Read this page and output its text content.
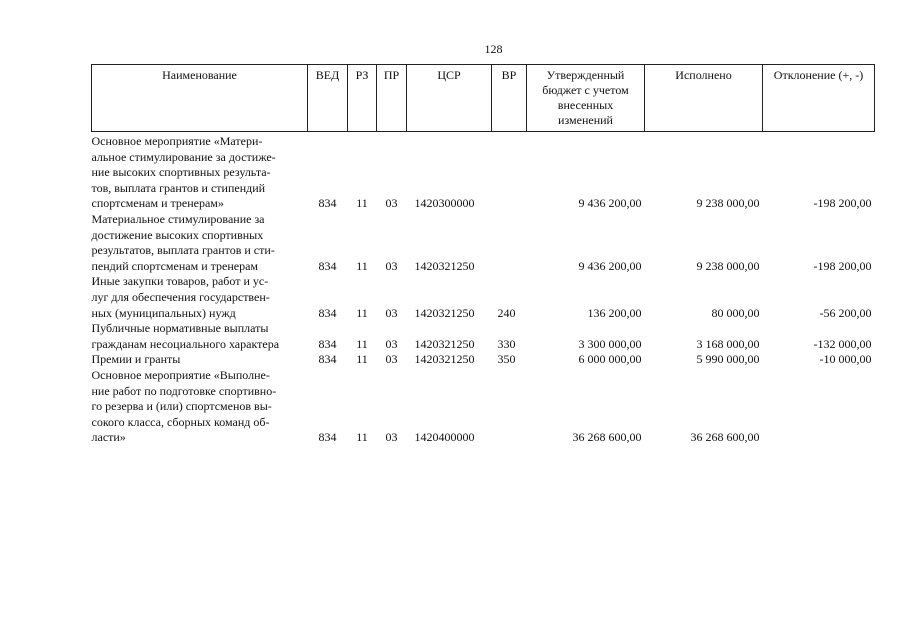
128
Наименование	ВЕД	РЗ	ПР	ЦСР	ВР	Утвержденный бюджет с учетом внесенных изменений	Исполнено	Отклонение (+, -)

Основное мероприятие «Матери-
альное стимулирование за достиже-
ние высоких спортивных результа-
тов, выплата грантов и стипендий
спортсменам и тренерам»	834	11	03	1420300000		9 436 200,00	9 238 000,00	-198 200,00

Материальное стимулирование за
достижение высоких спортивных
результатов, выплата грантов и сти-
пендий спортсменам и тренерам	834	11	03	1420321250		9 436 200,00	9 238 000,00	-198 200,00

Иные закупки товаров, работ и ус-
луг для обеспечения государствен-
ных (муниципальных) нужд	834	11	03	1420321250	240	136 200,00	80 000,00	-56 200,00

Публичные нормативные выплаты
гражданам несоциального характера	834	11	03	1420321250	330	3 300 000,00	3 168 000,00	-132 000,00

Премии и гранты	834	11	03	1420321250	350	6 000 000,00	5 990 000,00	-10 000,00

Основное мероприятие «Выполне-
ние работ по подготовке спортивно-
го резерва и (или) спортсменов вы-
сокого класса, сборных команд об-
ласти»	834	11	03	1420400000		36 268 600,00	36 268 600,00	
